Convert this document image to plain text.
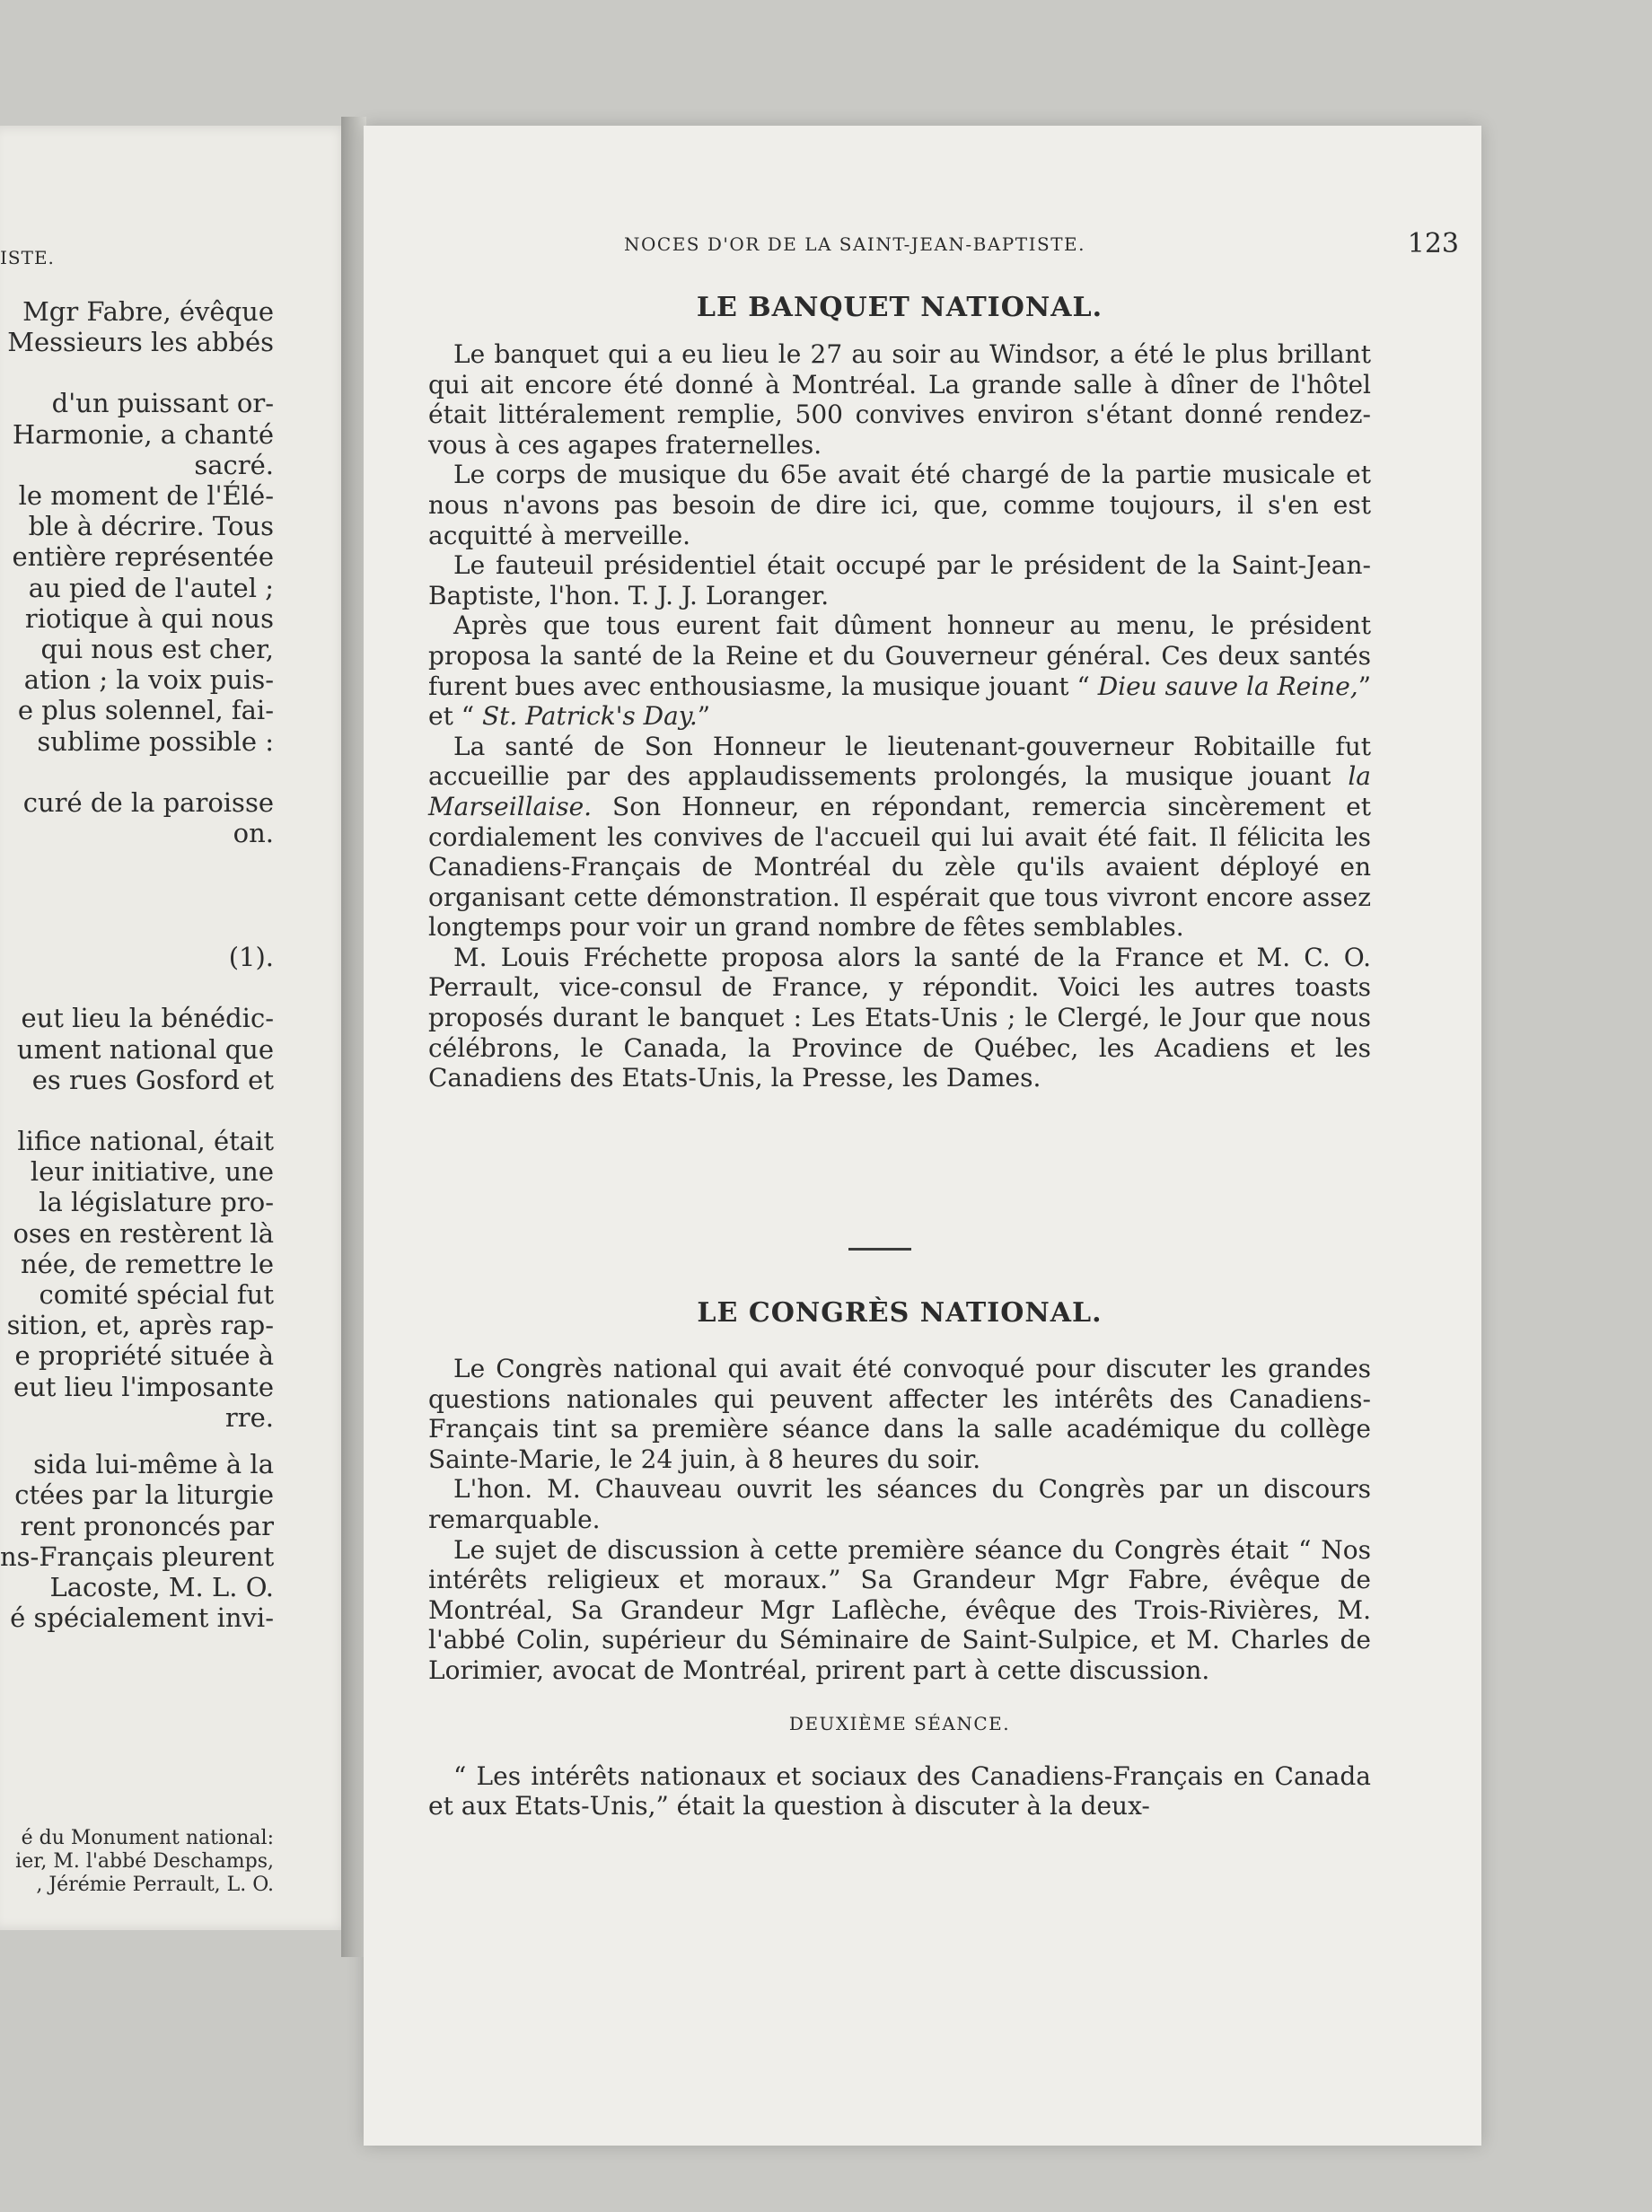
ISTE.
Mgr Fabre, évêque
Messieurs les abbés
d'un puissant or-
Harmonie, a chanté
sacré.
le moment de l'Élé-
ble à décrire. Tous
entière représentée
au pied de l'autel ;
riotique à qui nous
qui nous est cher,
ation ; la voix puis-
e plus solennel, fai-
sublime possible :
curé de la paroisse
on.
(1).
eut lieu la bénédic-
ument national que
es rues Gosford et
lifice national, était
leur initiative, une
la législature pro-
oses en restèrent là
née, de remettre le
comité spécial fut
sition, et, après rap-
e propriété située à
eut lieu l'imposante
rre.
sida lui-même à la
ctées par la liturgie
rent prononcés par
ns-Français pleurent
Lacoste, M. L. O.
é spécialement invi-
é du Monument national:
ier, M. l'abbé Deschamps,
, Jérémie Perrault, L. O.
NOCES D'OR DE LA SAINT-JEAN-BAPTISTE.	123
LE BANQUET NATIONAL.

Le banquet qui a eu lieu le 27 au soir au Windsor, a été le plus brillant qui ait encore été donné à Montréal. La grande salle à dîner de l'hôtel était littéralement remplie, 500 convives environ s'étant donné rendez-vous à ces agapes fraternelles.

Le corps de musique du 65e avait été chargé de la partie musicale et nous n'avons pas besoin de dire ici, que, comme toujours, il s'en est acquitté à merveille.

Le fauteuil présidentiel était occupé par le président de la Saint-Jean-Baptiste, l'hon. T. J. J. Loranger.

Après que tous eurent fait dûment honneur au menu, le président proposa la santé de la Reine et du Gouverneur général. Ces deux santés furent bues avec enthousiasme, la musique jouant “ Dieu sauve la Reine,” et “ St. Patrick's Day.”

La santé de Son Honneur le lieutenant-gouverneur Robitaille fut accueillie par des applaudissements prolongés, la musique jouant la Marseillaise. Son Honneur, en répondant, remercia sincèrement et cordialement les convives de l'accueil qui lui avait été fait. Il félicita les Canadiens-Français de Montréal du zèle qu'ils avaient déployé en organisant cette démonstration. Il espérait que tous vivront encore assez longtemps pour voir un grand nombre de fêtes semblables.

M. Louis Fréchette proposa alors la santé de la France et M. C. O. Perrault, vice-consul de France, y répondit. Voici les autres toasts proposés durant le banquet : Les Etats-Unis ; le Clergé, le Jour que nous célébrons, le Canada, la Province de Québec, les Acadiens et les Canadiens des Etats-Unis, la Presse, les Dames.

LE CONGRÈS NATIONAL.

Le Congrès national qui avait été convoqué pour discuter les grandes questions nationales qui peuvent affecter les intérêts des Canadiens-Français tint sa première séance dans la salle académique du collège Sainte-Marie, le 24 juin, à 8 heures du soir.

L'hon. M. Chauveau ouvrit les séances du Congrès par un discours remarquable.

Le sujet de discussion à cette première séance du Congrès était “ Nos intérêts religieux et moraux.” Sa Grandeur Mgr Fabre, évêque de Montréal, Sa Grandeur Mgr Laflèche, évêque des Trois-Rivières, M. l'abbé Colin, supérieur du Séminaire de Saint-Sulpice, et M. Charles de Lorimier, avocat de Montréal, prirent part à cette discussion.

DEUXIÈME SÉANCE.

“ Les intérêts nationaux et sociaux des Canadiens-Français en Canada et aux Etats-Unis,” était la question à discuter à la deux-
